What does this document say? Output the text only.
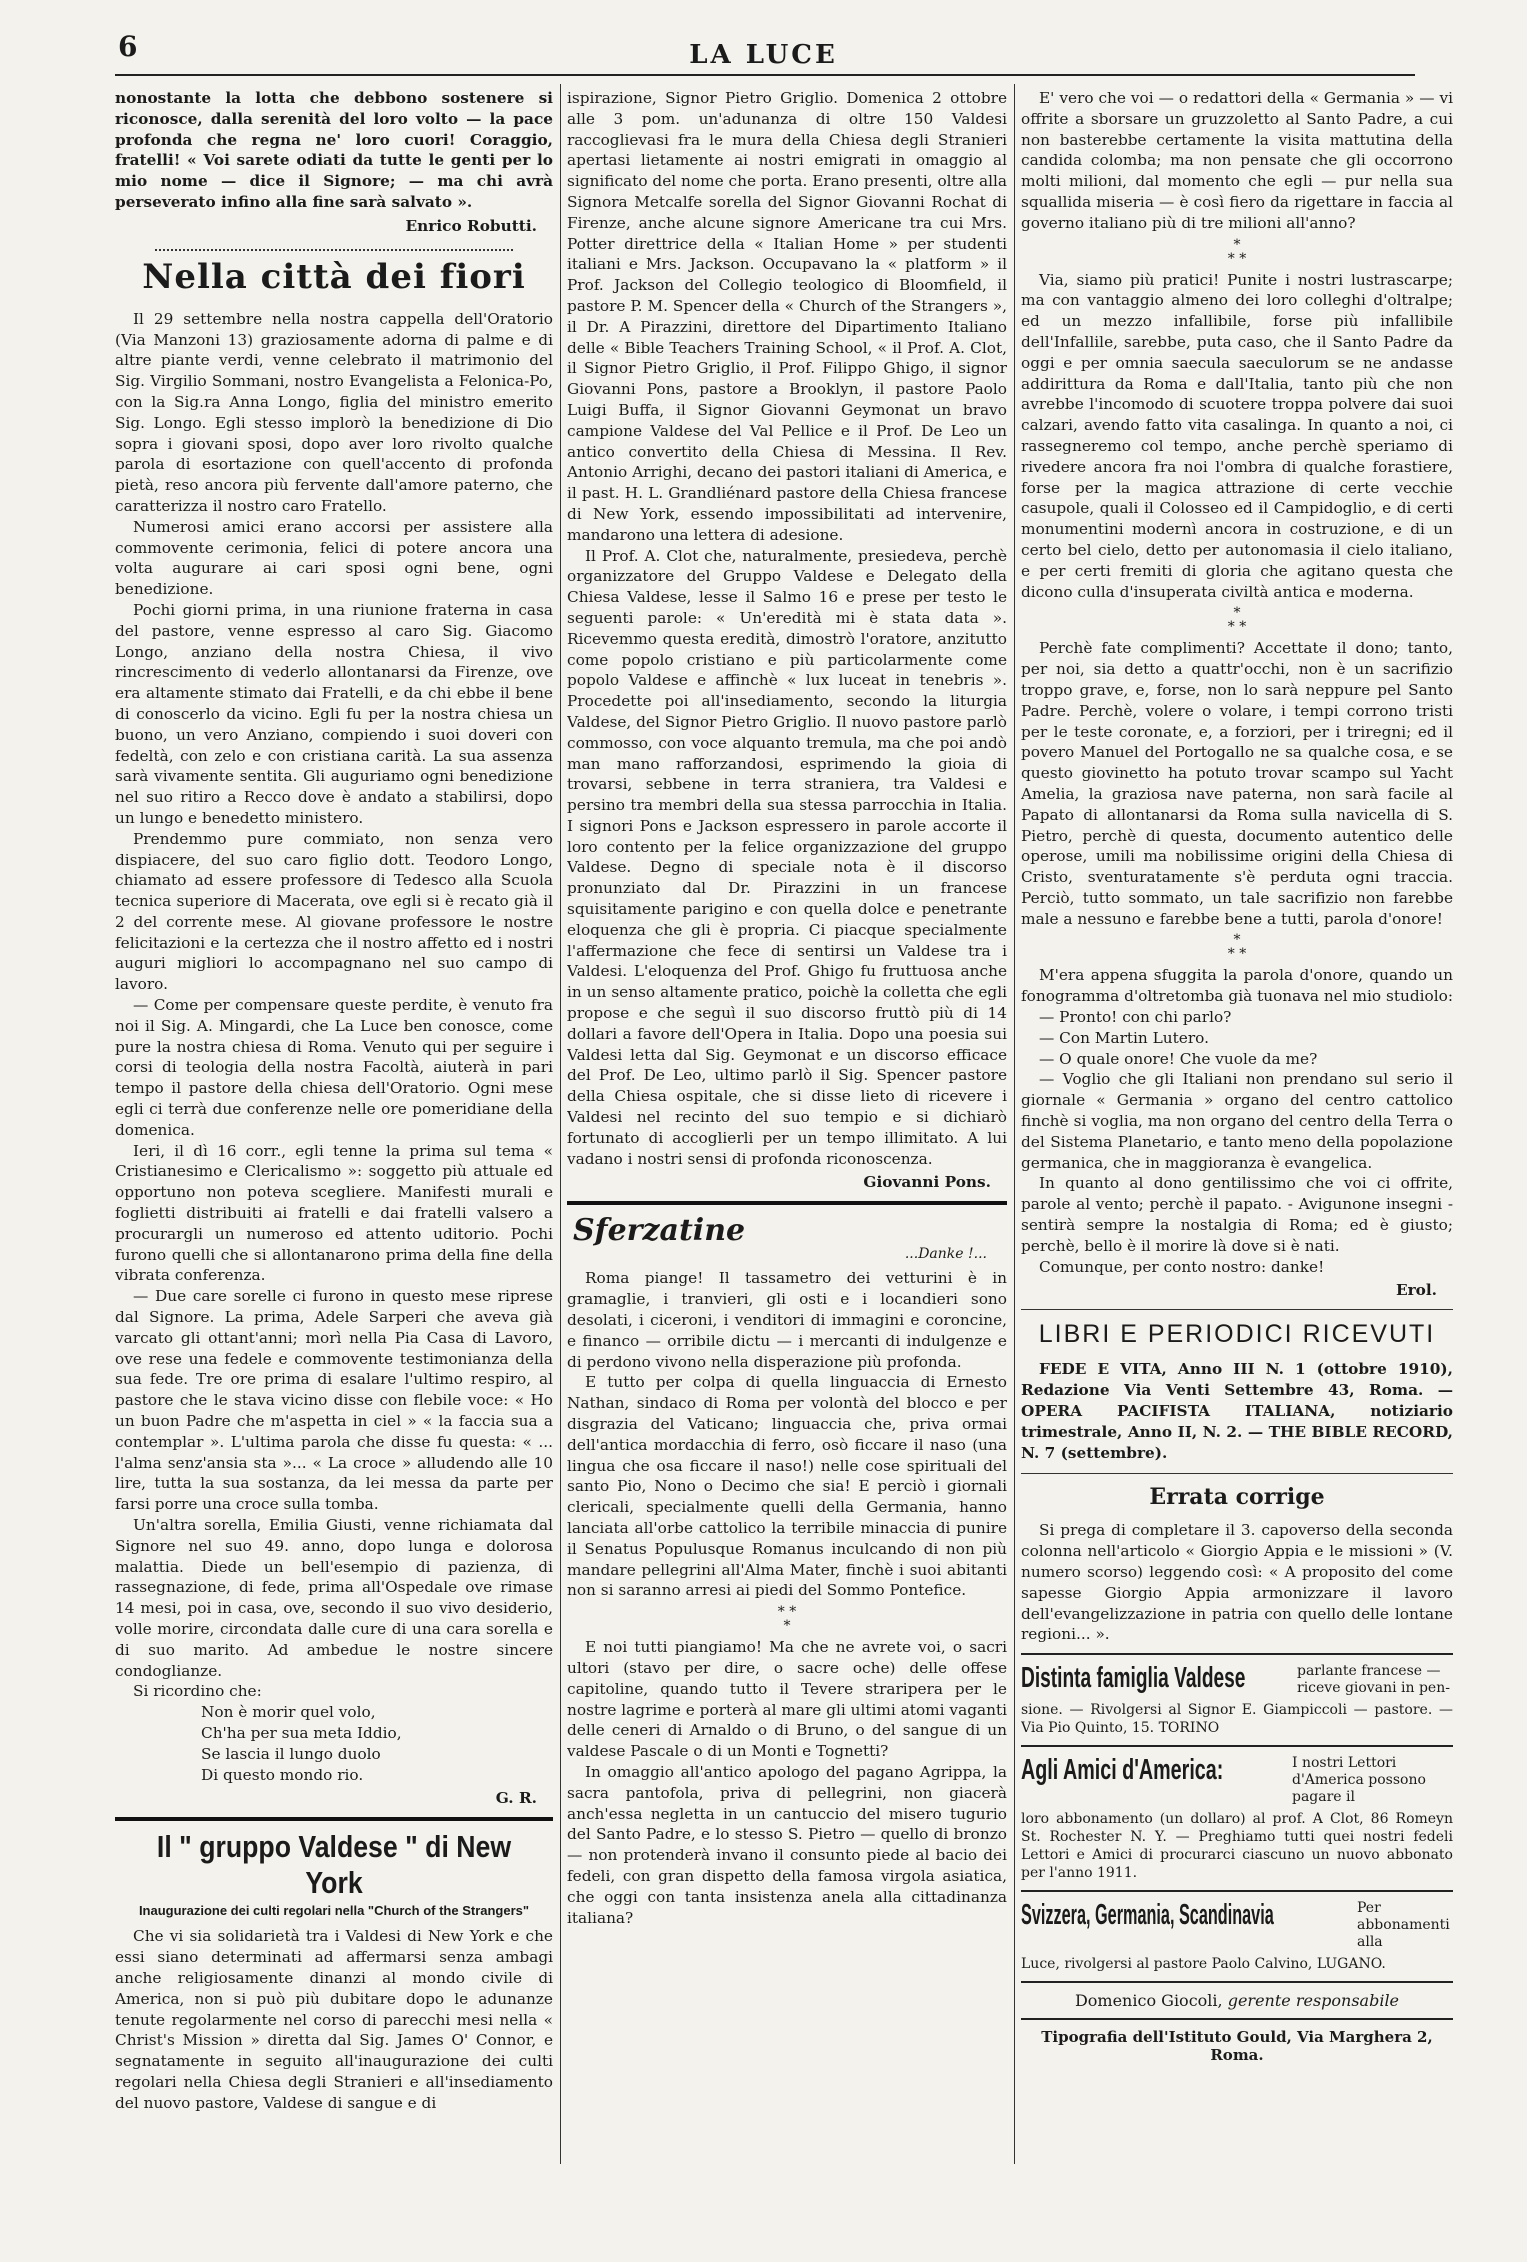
6	LA LUCE

nonostante la lotta che debbono sostenere si riconosce, dalla serenità del loro volto — la pace profonda che regna ne' loro cuori! Coraggio, fratelli! « Voi sarete odiati da tutte le genti per lo mio nome — dice il Signore; — ma chi avrà perseverato infino alla fine sarà salvato ».

Enrico Robutti.
Nella città dei fiori

Il 29 settembre nella nostra cappella dell'Oratorio (Via Manzoni 13) graziosamente adorna di palme e di altre piante verdi, venne celebrato il matrimonio del Sig. Virgilio Sommani, nostro Evangelista a Felonica-Po, con la Sig.ra Anna Longo, figlia del ministro emerito Sig. Longo. Egli stesso implorò la benedizione di Dio sopra i giovani sposi, dopo aver loro rivolto qualche parola di esortazione con quell'accento di profonda pietà, reso ancora più fervente dall'amore paterno, che caratterizza il nostro caro Fratello.

Numerosi amici erano accorsi per assistere alla commovente cerimonia, felici di potere ancora una volta augurare ai cari sposi ogni bene, ogni benedizione.

Pochi giorni prima, in una riunione fraterna in casa del pastore, venne espresso al caro Sig. Giacomo Longo, anziano della nostra Chiesa, il vivo rincrescimento di vederlo allontanarsi da Firenze, ove era altamente stimato dai Fratelli, e da chi ebbe il bene di conoscerlo da vicino. Egli fu per la nostra chiesa un buono, un vero Anziano, compiendo i suoi doveri con fedeltà, con zelo e con cristiana carità. La sua assenza sarà vivamente sentita. Gli auguriamo ogni benedizione nel suo ritiro a Recco dove è andato a stabilirsi, dopo un lungo e benedetto ministero.

Prendemmo pure commiato, non senza vero dispiacere, del suo caro figlio dott. Teodoro Longo, chiamato ad essere professore di Tedesco alla Scuola tecnica superiore di Macerata, ove egli si è recato già il 2 del corrente mese. Al giovane professore le nostre felicitazioni e la certezza che il nostro affetto ed i nostri auguri migliori lo accompagnano nel suo campo di lavoro.

— Come per compensare queste perdite, è venuto fra noi il Sig. A. Mingardi, che La Luce ben conosce, come pure la nostra chiesa di Roma. Venuto qui per seguire i corsi di teologia della nostra Facoltà, aiuterà in pari tempo il pastore della chiesa dell'Oratorio. Ogni mese egli ci terrà due conferenze nelle ore pomeridiane della domenica.

Ieri, il dì 16 corr., egli tenne la prima sul tema « Cristianesimo e Clericalismo »: soggetto più attuale ed opportuno non poteva scegliere. Manifesti murali e foglietti distribuiti ai fratelli e dai fratelli valsero a procurargli un numeroso ed attento uditorio. Pochi furono quelli che si allontanarono prima della fine della vibrata conferenza.

— Due care sorelle ci furono in questo mese riprese dal Signore. La prima, Adele Sarperi che aveva già varcato gli ottant'anni; morì nella Pia Casa di Lavoro, ove rese una fedele e commovente testimonianza della sua fede. Tre ore prima di esalare l'ultimo respiro, al pastore che le stava vicino disse con flebile voce: « Ho un buon Padre che m'aspetta in ciel » « la faccia sua a contemplar ». L'ultima parola che disse fu questa: « ... l'alma senz'ansia sta »... « La croce » alludendo alle 10 lire, tutta la sua sostanza, da lei messa da parte per farsi porre una croce sulla tomba.

Un'altra sorella, Emilia Giusti, venne richiamata dal Signore nel suo 49. anno, dopo lunga e dolorosa malattia. Diede un bell'esempio di pazienza, di rassegnazione, di fede, prima all'Ospedale ove rimase 14 mesi, poi in casa, ove, secondo il suo vivo desiderio, volle morire, circondata dalle cure di una cara sorella e di suo marito. Ad ambedue le nostre sincere condoglianze.

Si ricordino che:

Non è morir quel volo,
Ch'ha per sua meta Iddio,
Se lascia il lungo duolo
Di questo mondo rio.
G. R.
Il " gruppo Valdese " di New York
Inaugurazione dei culti regolari nella "Church of the Strangers"

Che vi sia solidarietà tra i Valdesi di New York e che essi siano determinati ad affermarsi senza ambagi anche religiosamente dinanzi al mondo civile di America, non si può più dubitare dopo le adunanze tenute regolarmente nel corso di parecchi mesi nella « Christ's Mission » diretta dal Sig. James O' Connor, e segnatamente in seguito all'inaugurazione dei culti regolari nella Chiesa degli Stranieri e all'insediamento del nuovo pastore, Valdese di sangue e di

ispirazione, Signor Pietro Griglio. Domenica 2 ottobre alle 3 pom. un'adunanza di oltre 150 Valdesi raccoglievasi fra le mura della Chiesa degli Stranieri apertasi lietamente ai nostri emigrati in omaggio al significato del nome che porta. Erano presenti, oltre alla Signora Metcalfe sorella del Signor Giovanni Rochat di Firenze, anche alcune signore Americane tra cui Mrs. Potter direttrice della « Italian Home » per studenti italiani e Mrs. Jackson. Occupavano la « platform » il Prof. Jackson del Collegio teologico di Bloomfield, il pastore P. M. Spencer della « Church of the Strangers », il Dr. A Pirazzini, direttore del Dipartimento Italiano delle « Bible Teachers Training School, « il Prof. A. Clot, il Signor Pietro Griglio, il Prof. Filippo Ghigo, il signor Giovanni Pons, pastore a Brooklyn, il pastore Paolo Luigi Buffa, il Signor Giovanni Geymonat un bravo campione Valdese del Val Pellice e il Prof. De Leo un antico convertito della Chiesa di Messina. Il Rev. Antonio Arrighi, decano dei pastori italiani di America, e il past. H. L. Grandliénard pastore della Chiesa francese di New York, essendo impossibilitati ad intervenire, mandarono una lettera di adesione.

Il Prof. A. Clot che, naturalmente, presiedeva, perchè organizzatore del Gruppo Valdese e Delegato della Chiesa Valdese, lesse il Salmo 16 e prese per testo le seguenti parole: « Un'eredità mi è stata data ». Ricevemmo questa eredità, dimostrò l'oratore, anzitutto come popolo cristiano e più particolarmente come popolo Valdese e affinchè « lux luceat in tenebris ». Procedette poi all'insediamento, secondo la liturgia Valdese, del Signor Pietro Griglio. Il nuovo pastore parlò commosso, con voce alquanto tremula, ma che poi andò man mano rafforzandosi, esprimendo la gioia di trovarsi, sebbene in terra straniera, tra Valdesi e persino tra membri della sua stessa parrocchia in Italia. I signori Pons e Jackson espressero in parole accorte il loro contento per la felice organizzazione del gruppo Valdese. Degno di speciale nota è il discorso pronunziato dal Dr. Pirazzini in un francese squisitamente parigino e con quella dolce e penetrante eloquenza che gli è propria. Ci piacque specialmente l'affermazione che fece di sentirsi un Valdese tra i Valdesi. L'eloquenza del Prof. Ghigo fu fruttuosa anche in un senso altamente pratico, poichè la colletta che egli propose e che seguì il suo discorso fruttò più di 14 dollari a favore dell'Opera in Italia. Dopo una poesia sui Valdesi letta dal Sig. Geymonat e un discorso efficace del Prof. De Leo, ultimo parlò il Sig. Spencer pastore della Chiesa ospitale, che si disse lieto di ricevere i Valdesi nel recinto del suo tempio e si dichiarò fortunato di accoglierli per un tempo illimitato. A lui vadano i nostri sensi di profonda riconoscenza.

Giovanni Pons.
Sferzatine
...Danke !...

Roma piange! Il tassametro dei vetturini è in gramaglie, i tranvieri, gli osti e i locandieri sono desolati, i ciceroni, i venditori di immagini e coroncine, e financo — orribile dictu — i mercanti di indulgenze e di perdono vivono nella disperazione più profonda.

E tutto per colpa di quella linguaccia di Ernesto Nathan, sindaco di Roma per volontà del blocco e per disgrazia del Vaticano; linguaccia che, priva ormai dell'antica mordacchia di ferro, osò ficcare il naso (una lingua che osa ficcare il naso!) nelle cose spirituali del santo Pio, Nono o Decimo che sia! E perciò i giornali clericali, specialmente quelli della Germania, hanno lanciata all'orbe cattolico la terribile minaccia di punire il Senatus Populusque Romanus inculcando di non più mandare pellegrini all'Alma Mater, finchè i suoi abitanti non si saranno arresi ai piedi del Sommo Pontefice.

* *
*

E noi tutti piangiamo! Ma che ne avrete voi, o sacri ultori (stavo per dire, o sacre oche) delle offese capitoline, quando tutto il Tevere straripera per le nostre lagrime e porterà al mare gli ultimi atomi vaganti delle ceneri di Arnaldo o di Bruno, o del sangue di un valdese Pascale o di un Monti e Tognetti?

In omaggio all'antico apologo del pagano Agrippa, la sacra pantofola, priva di pellegrini, non giacerà anch'essa negletta in un cantuccio del misero tugurio del Santo Padre, e lo stesso S. Pietro — quello di bronzo — non protenderà invano il consunto piede al bacio dei fedeli, con gran dispetto della famosa virgola asiatica, che oggi con tanta insistenza anela alla cittadinanza italiana?

E' vero che voi — o redattori della « Germania » — vi offrite a sborsare un gruzzoletto al Santo Padre, a cui non basterebbe certamente la visita mattutina della candida colomba; ma non pensate che gli occorrono molti milioni, dal momento che egli — pur nella sua squallida miseria — è così fiero da rigettare in faccia al governo italiano più di tre milioni all'anno?

*
* *

Via, siamo più pratici! Punite i nostri lustrascarpe; ma con vantaggio almeno dei loro colleghi d'oltralpe; ed un mezzo infallibile, forse più infallibile dell'Infallile, sarebbe, puta caso, che il Santo Padre da oggi e per omnia saecula saeculorum se ne andasse addirittura da Roma e dall'Italia, tanto più che non avrebbe l'incomodo di scuotere troppa polvere dai suoi calzari, avendo fatto vita casalinga. In quanto a noi, ci rassegneremo col tempo, anche perchè speriamo di rivedere ancora fra noi l'ombra di qualche forastiere, forse per la magica attrazione di certe vecchie casupole, quali il Colosseo ed il Campidoglio, e di certi monumentini modernì ancora in costruzione, e di un certo bel cielo, detto per autonomasia il cielo italiano, e per certi fremiti di gloria che agitano questa che dicono culla d'insuperata civiltà antica e moderna.

*
* *

Perchè fate complimenti? Accettate il dono; tanto, per noi, sia detto a quattr'occhi, non è un sacrifizio troppo grave, e, forse, non lo sarà neppure pel Santo Padre. Perchè, volere o volare, i tempi corrono tristi per le teste coronate, e, a forziori, per i triregni; ed il povero Manuel del Portogallo ne sa qualche cosa, e se questo giovinetto ha potuto trovar scampo sul Yacht Amelia, la graziosa nave paterna, non sarà facile al Papato di allontanarsi da Roma sulla navicella di S. Pietro, perchè di questa, documento autentico delle operose, umili ma nobilissime origini della Chiesa di Cristo, sventuratamente s'è perduta ogni traccia. Perciò, tutto sommato, un tale sacrifizio non farebbe male a nessuno e farebbe bene a tutti, parola d'onore!

*
* *

M'era appena sfuggita la parola d'onore, quando un fonogramma d'oltretomba già tuonava nel mio studiolo:

— Pronto! con chi parlo?

— Con Martin Lutero.

— O quale onore! Che vuole da me?

— Voglio che gli Italiani non prendano sul serio il giornale « Germania » organo del centro cattolico finchè si voglia, ma non organo del centro della Terra o del Sistema Planetario, e tanto meno della popolazione germanica, che in maggioranza è evangelica.

In quanto al dono gentilissimo che voi ci offrite, parole al vento; perchè il papato. - Avigunone insegni - sentirà sempre la nostalgia di Roma; ed è giusto; perchè, bello è il morire là dove si è nati.

Comunque, per conto nostro: danke!

Erol.
LIBRI E PERIODICI RICEVUTI

FEDE E VITA, Anno III N. 1 (ottobre 1910), Redazione Via Venti Settembre 43, Roma. — OPERA PACIFISTA ITALIANA, notiziario trimestrale, Anno II, N. 2. — THE BIBLE RECORD, N. 7 (settembre).

Errata corrige

Si prega di completare il 3. capoverso della seconda colonna nell'articolo « Giorgio Appia e le missioni » (V. numero scorso) leggendo così: « A proposito del come sapesse Giorgio Appia armonizzare il lavoro dell'evangelizzazione in patria con quello delle lontane regioni... ».

Distinta famiglia Valdese	parlante francese — riceve giovani in pen-
sione. — Rivolgersi al Signor E. Giampiccoli — pastore. — Via Pio Quinto, 15. TORINO
Agli Amici d'America:	I nostri Lettori d'America possono pagare il
loro abbonamento (un dollaro) al prof. A Clot, 86 Romeyn St. Rochester N. Y. — Preghiamo tutti quei nostri fedeli Lettori e Amici di procurarci ciascuno un nuovo abbonato per l'anno 1911.
Svizzera, Germania, Scandinavia	Per abbonamenti alla
Luce, rivolgersi al pastore Paolo Calvino, LUGANO.
Domenico Giocoli, gerente responsabile
Tipografia dell'Istituto Gould, Via Marghera 2, Roma.
